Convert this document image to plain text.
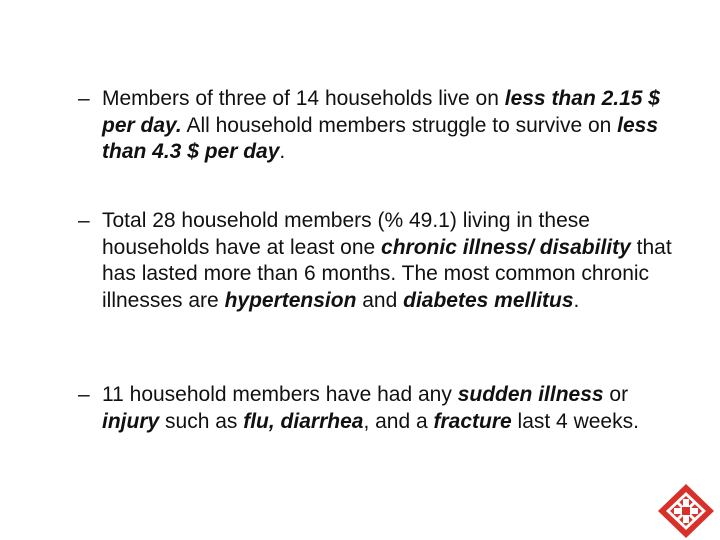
– Members of three of 14 households live on less than 2.15 $ per day. All household members struggle to survive on less than 4.3 $ per day.

– Total 28 household members (% 49.1) living in these households have at least one chronic illness/ disability that has lasted more than 6 months. The most common chronic illnesses are hypertension and diabetes mellitus.

– 11 household members have had any sudden illness or injury such as flu, diarrhea, and a fracture last 4 weeks.
